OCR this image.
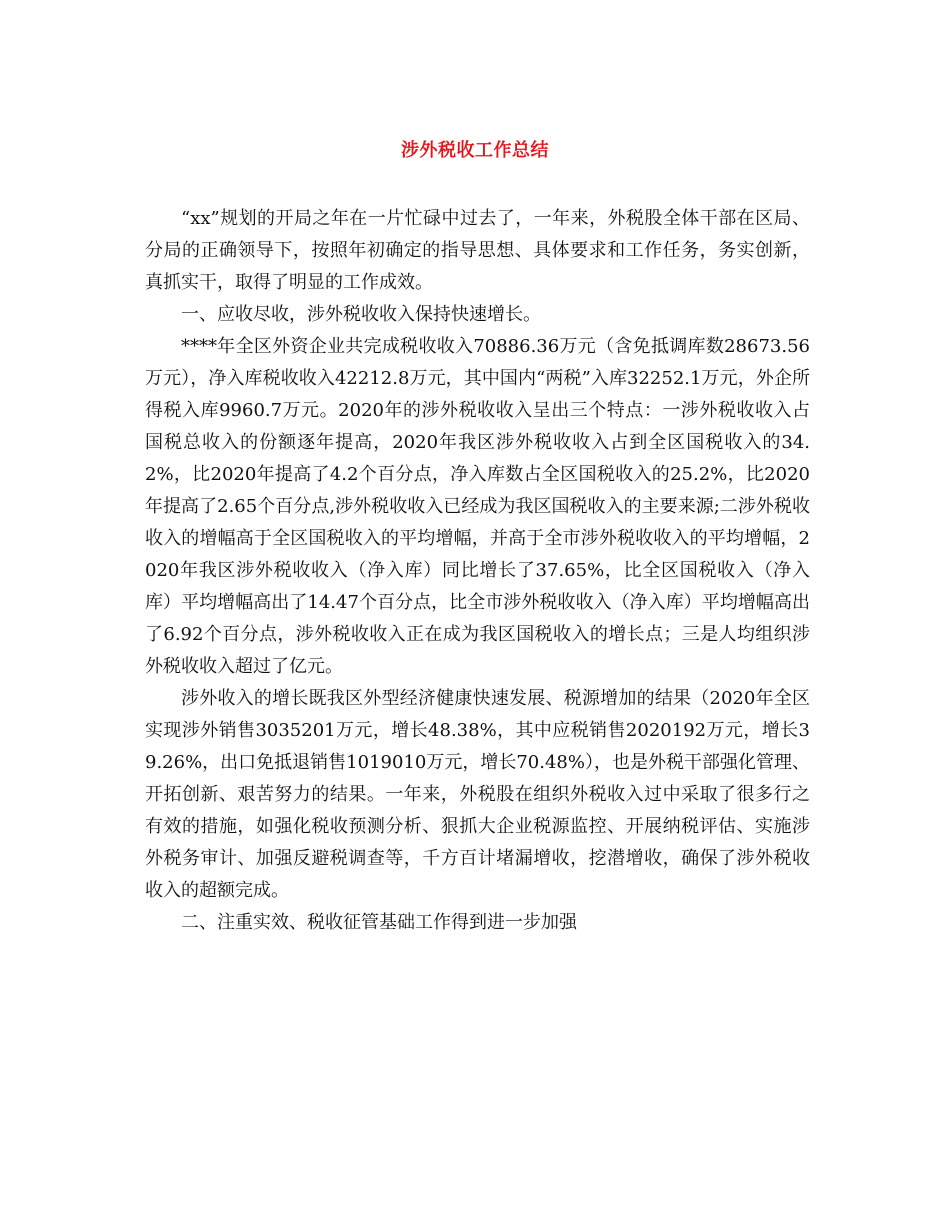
涉外税收工作总结

“xx”规划的开局之年在一片忙碌中过去了，一年来，外税股全体干部在区局、分局的正确领导下，按照年初确定的指导思想、具体要求和工作任务，务实创新，真抓实干，取得了明显的工作成效。

一、应收尽收，涉外税收收入保持快速增长。

****年全区外资企业共完成税收收入70886.36万元（含免抵调库数28673.56万元），净入库税收收入42212.8万元，其中国内“两税”入库32252.1万元，外企所得税入库9960.7万元。2020年的涉外税收收入呈出三个特点：一涉外税收收入占国税总收入的份额逐年提高，2020年我区涉外税收收入占到全区国税收入的34.2%，比2020年提高了4.2个百分点，净入库数占全区国税收入的25.2%，比2020年提高了2.65个百分点,涉外税收收入已经成为我区国税收入的主要来源;二涉外税收收入的增幅高于全区国税收入的平均增幅，并高于全市涉外税收收入的平均增幅，2020年我区涉外税收收入（净入库）同比增长了37.65%，比全区国税收入（净入库）平均增幅高出了14.47个百分点，比全市涉外税收收入（净入库）平均增幅高出了6.92个百分点，涉外税收收入正在成为我区国税收入的增长点；三是人均组织涉外税收收入超过了亿元。

涉外收入的增长既我区外型经济健康快速发展、税源增加的结果（2020年全区实现涉外销售3035201万元，增长48.38%，其中应税销售2020192万元，增长39.26%，出口免抵退销售1019010万元，增长70.48%），也是外税干部强化管理、开拓创新、艰苦努力的结果。一年来，外税股在组织外税收入过中采取了很多行之有效的措施，如强化税收预测分析、狠抓大企业税源监控、开展纳税评估、实施涉外税务审计、加强反避税调查等，千方百计堵漏增收，挖潜增收，确保了涉外税收收入的超额完成。

二、注重实效、税收征管基础工作得到进一步加强
